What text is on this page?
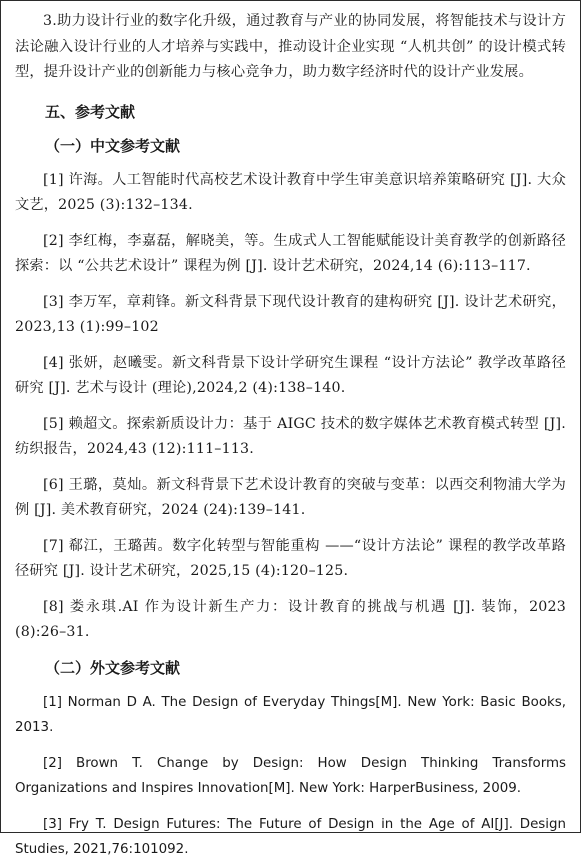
3.助力设计行业的数字化升级，通过教育与产业的协同发展，将智能技术与设计方法论融入设计行业的人才培养与实践中，推动设计企业实现 “人机共创” 的设计模式转型，提升设计产业的创新能力与核心竞争力，助力数字经济时代的设计产业发展。

五、参考文献
（一）中文参考文献

[1] 许海。人工智能时代高校艺术设计教育中学生审美意识培养策略研究 [J]. 大众文艺，2025 (3):132–134.

[2] 李红梅，李嘉磊，解晓美，等。生成式人工智能赋能设计美育教学的创新路径探索：以 “公共艺术设计” 课程为例 [J]. 设计艺术研究，2024,14 (6):113–117.

[3] 李万军，章莉锋。新文科背景下现代设计教育的建构研究 [J]. 设计艺术研究，2023,13 (1):99–102

[4] 张妍，赵曦雯。新文科背景下设计学研究生课程 “设计方法论” 教学改革路径研究 [J]. 艺术与设计 (理论),2024,2 (4):138–140.

[5] 赖超文。探索新质设计力：基于 AIGC 技术的数字媒体艺术教育模式转型 [J]. 纺织报告，2024,43 (12):111–113.

[6] 王璐，莫灿。新文科背景下艺术设计教育的突破与变革：以西交利物浦大学为例 [J]. 美术教育研究，2024 (24):139–141.

[7] 郗江，王璐茜。数字化转型与智能重构 ——“设计方法论” 课程的教学改革路径研究 [J]. 设计艺术研究，2025,15 (4):120–125.

[8] 娄永琪.AI 作为设计新生产力：设计教育的挑战与机遇 [J]. 装饰，2023 (8):26–31.

（二）外文参考文献

[1] Norman D A. The Design of Everyday Things[M]. New York: Basic Books, 2013.

[2] Brown T. Change by Design: How Design Thinking Transforms Organizations and Inspires Innovation[M]. New York: HarperBusiness, 2009.

[3] Fry T. Design Futures: The Future of Design in the Age of AI[J]. Design Studies, 2021,76:101092.
